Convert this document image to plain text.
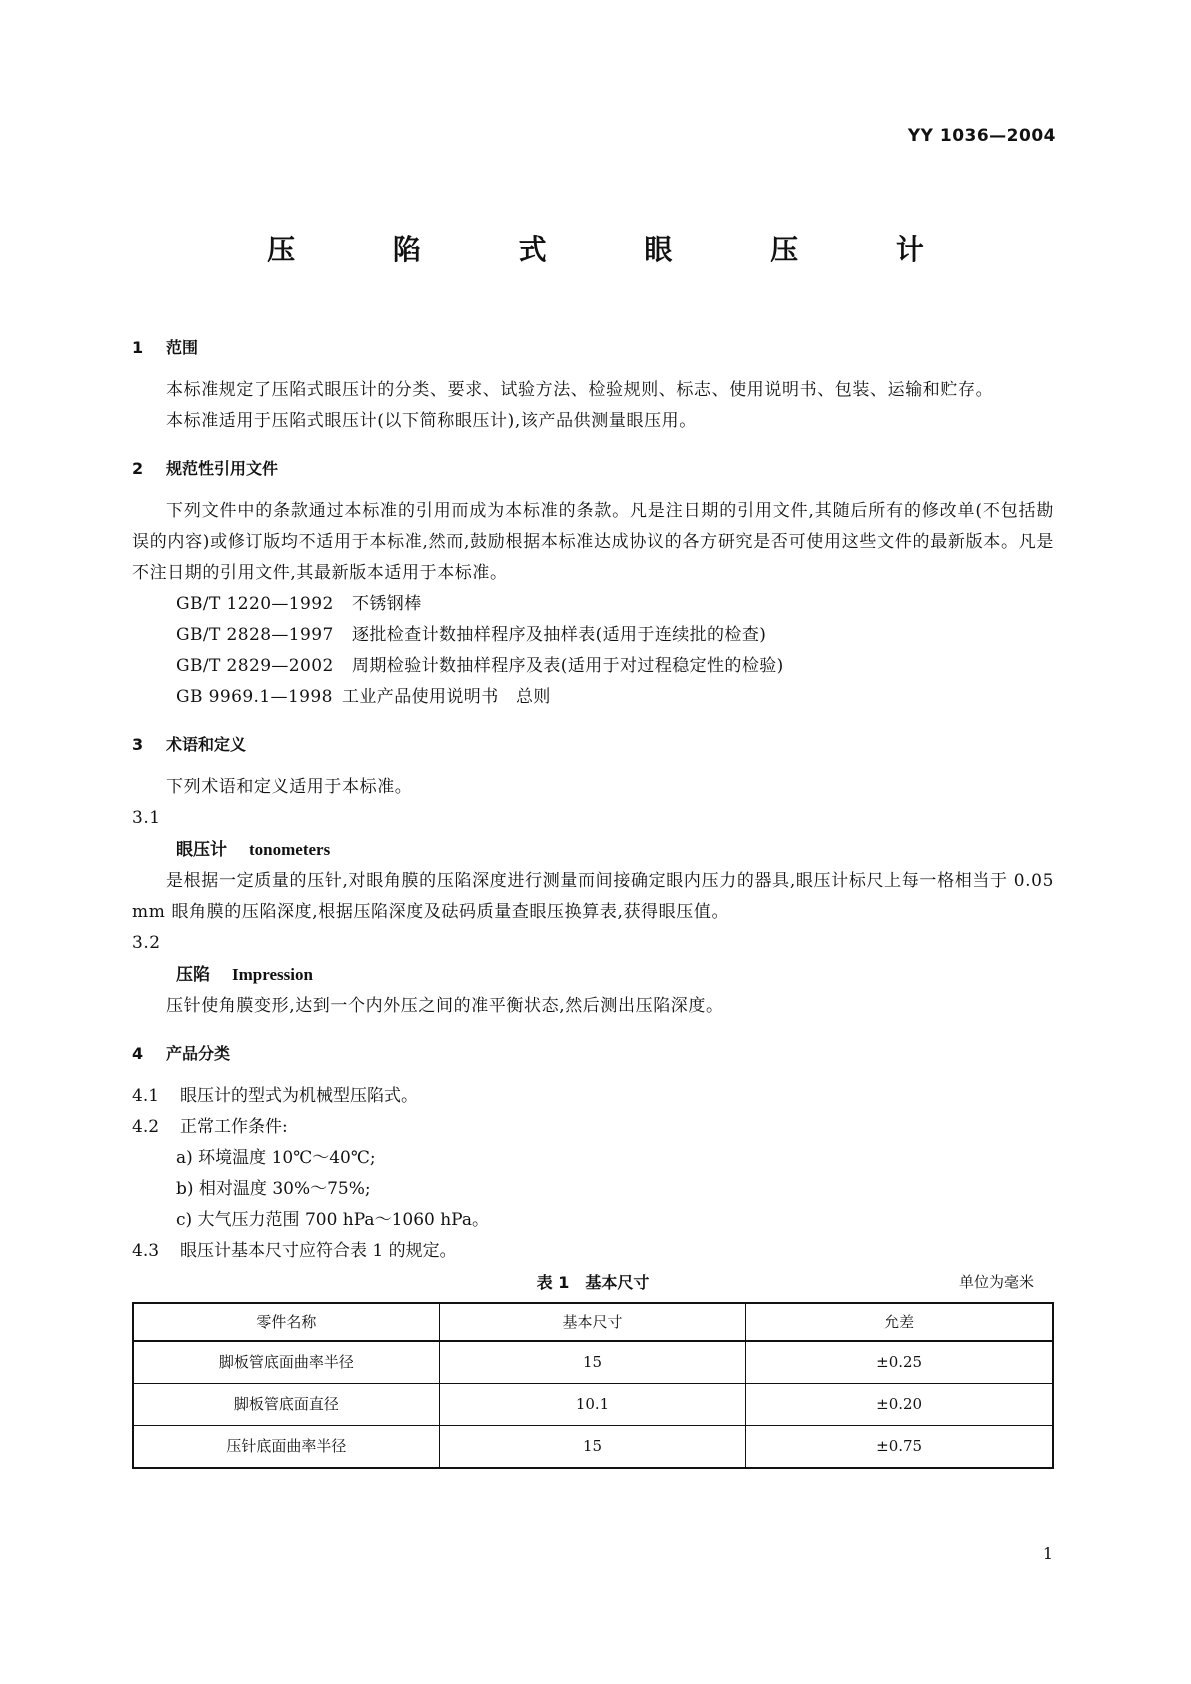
YY 1036—2004
压 陷 式 眼 压 计
1 范围

本标准规定了压陷式眼压计的分类、要求、试验方法、检验规则、标志、使用说明书、包装、运输和贮存。

本标准适用于压陷式眼压计(以下简称眼压计),该产品供测量眼压用。

2 规范性引用文件

下列文件中的条款通过本标准的引用而成为本标准的条款。凡是注日期的引用文件,其随后所有的修改单(不包括勘误的内容)或修订版均不适用于本标准,然而,鼓励根据本标准达成协议的各方研究是否可使用这些文件的最新版本。凡是不注日期的引用文件,其最新版本适用于本标准。

GB/T 1220—1992 不锈钢棒

GB/T 2828—1997 逐批检查计数抽样程序及抽样表(适用于连续批的检查)

GB/T 2829—2002 周期检验计数抽样程序及表(适用于对过程稳定性的检验)

GB 9969.1—1998 工业产品使用说明书　总则

3 术语和定义

下列术语和定义适用于本标准。

3.1

眼压计 tonometers

是根据一定质量的压针,对眼角膜的压陷深度进行测量而间接确定眼内压力的器具,眼压计标尺上每一格相当于 0.05 mm 眼角膜的压陷深度,根据压陷深度及砝码质量查眼压换算表,获得眼压值。

3.2

压陷 Impression

压针使角膜变形,达到一个内外压之间的准平衡状态,然后测出压陷深度。

4 产品分类

4.1 眼压计的型式为机械型压陷式。

4.2 正常工作条件:

a) 环境温度 10℃～40℃;

b) 相对温度 30%～75%;

c) 大气压力范围 700 hPa～1060 hPa。

4.3 眼压计基本尺寸应符合表 1 的规定。

表 1　基本尺寸	单位为毫米
零件名称	基本尺寸	允差
脚板管底面曲率半径	15	±0.25
脚板管底面直径	10.1	±0.20
压针底面曲率半径	15	±0.75
1
